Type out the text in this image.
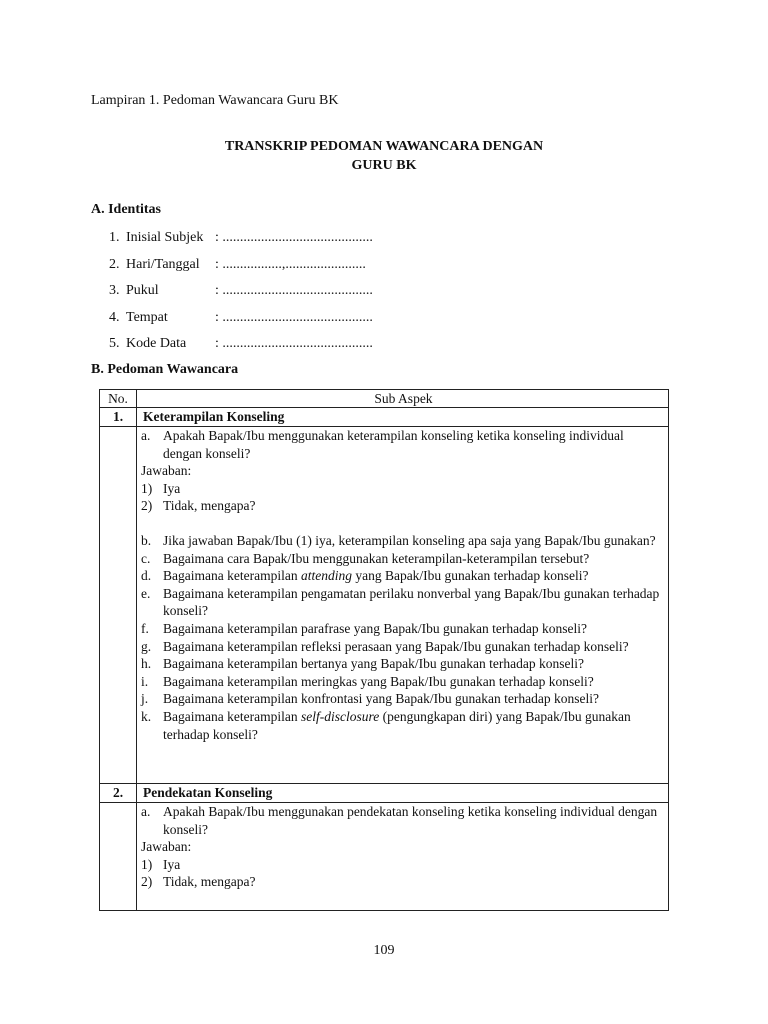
Lampiran 1. Pedoman Wawancara Guru BK
TRANSKRIP PEDOMAN WAWANCARA DENGAN
GURU BK
A. Identitas
1. Inisial Subjek : ...........................................
2. Hari/Tanggal : .................,.......................
3. Pukul	: ...........................................
4. Tempat	: ...........................................
5. Kode Data : ...........................................
B. Pedoman Wawancara
No.	Sub Aspek
1.	Keterampilan Konseling
a. Apakah Bapak/Ibu menggunakan keterampilan konseling ketika konseling individual dengan konseli?
Jawaban:
1) Iya
2) Tidak, mengapa?
b. Jika jawaban Bapak/Ibu (1) iya, keterampilan konseling apa saja yang Bapak/Ibu gunakan?
c. Bagaimana cara Bapak/Ibu menggunakan keterampilan-keterampilan tersebut?
d. Bagaimana keterampilan attending yang Bapak/Ibu gunakan terhadap konseli?
e. Bagaimana keterampilan pengamatan perilaku nonverbal yang Bapak/Ibu gunakan terhadap konseli?
f. Bagaimana keterampilan parafrase yang Bapak/Ibu gunakan terhadap konseli?
g. Bagaimana keterampilan refleksi perasaan yang Bapak/Ibu gunakan terhadap konseli?
h. Bagaimana keterampilan bertanya yang Bapak/Ibu gunakan terhadap konseli?
i. Bagaimana keterampilan meringkas yang Bapak/Ibu gunakan terhadap konseli?
j. Bagaimana keterampilan konfrontasi yang Bapak/Ibu gunakan terhadap konseli?
k. Bagaimana keterampilan self-disclosure (pengungkapan diri) yang Bapak/Ibu gunakan terhadap konseli?
2.	Pendekatan Konseling
a. Apakah Bapak/Ibu menggunakan pendekatan konseling ketika konseling individual dengan konseli?
Jawaban:
1) Iya
2) Tidak, mengapa?
109
